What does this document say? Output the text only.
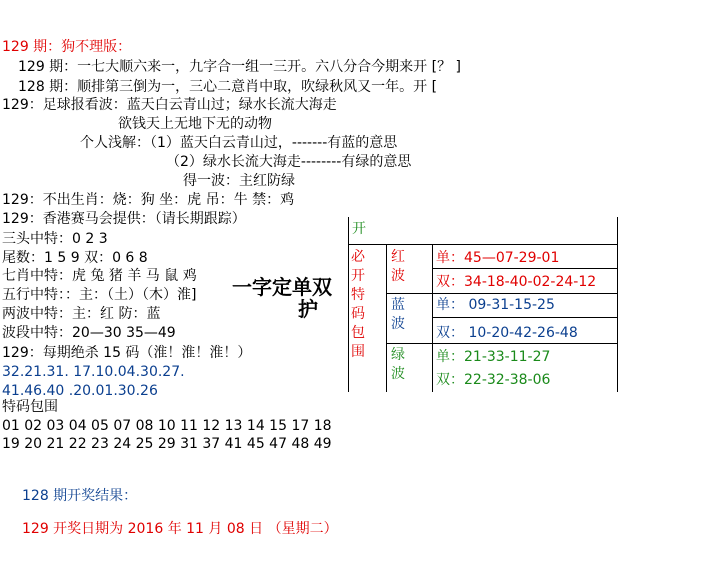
129 期：狗不理版：
129 期：一七大顺六来一，九字合一组一三开。六八分合今期来开 [？ ]
128 期：顺排第三倒为一，三心二意肖中取，吹绿秋风又一年。开 [
129：足球报看波：蓝天白云青山过；绿水长流大海走
欲钱天上无地下无的动物
个人浅解：（1）蓝天白云青山过，-------有蓝的意思
（2）绿水长流大海走--------有绿的意思
得一波：主红防绿
129：不出生肖：烧：狗 坐：虎 吊：牛 禁：鸡
129：香港赛马会提供：（请长期跟踪）
三头中特：0 2 3
尾数：1 5 9 双：0 6 8
七肖中特：虎 兔 猪 羊 马 鼠 鸡
五行中特：：主：（土）（木）淮]
两波中特：主：红 防：蓝
波段中特：20—30 35—49
129：每期绝杀 15 码（淮！淮！淮！）
32.21.31. 17.10.04.30.27.
41.46.40 .20.01.30.26
特码包围
01 02 03 04 05 07 08 10 11 12 13 14 15 17 18
19 20 21 22 23 24 25 29 31 37 41 45 47 48 49
一字定单双
护
开
必开特码包围
红波
蓝波
绿波
单：45—07-29-01
双：34-18-40-02-24-12
单： 09-31-15-25
双： 10-20-42-26-48
单：21-33-11-27
双：22-32-38-06
128 期开奖结果：
129 开奖日期为 2016 年 11 月 08 日 （星期二）
